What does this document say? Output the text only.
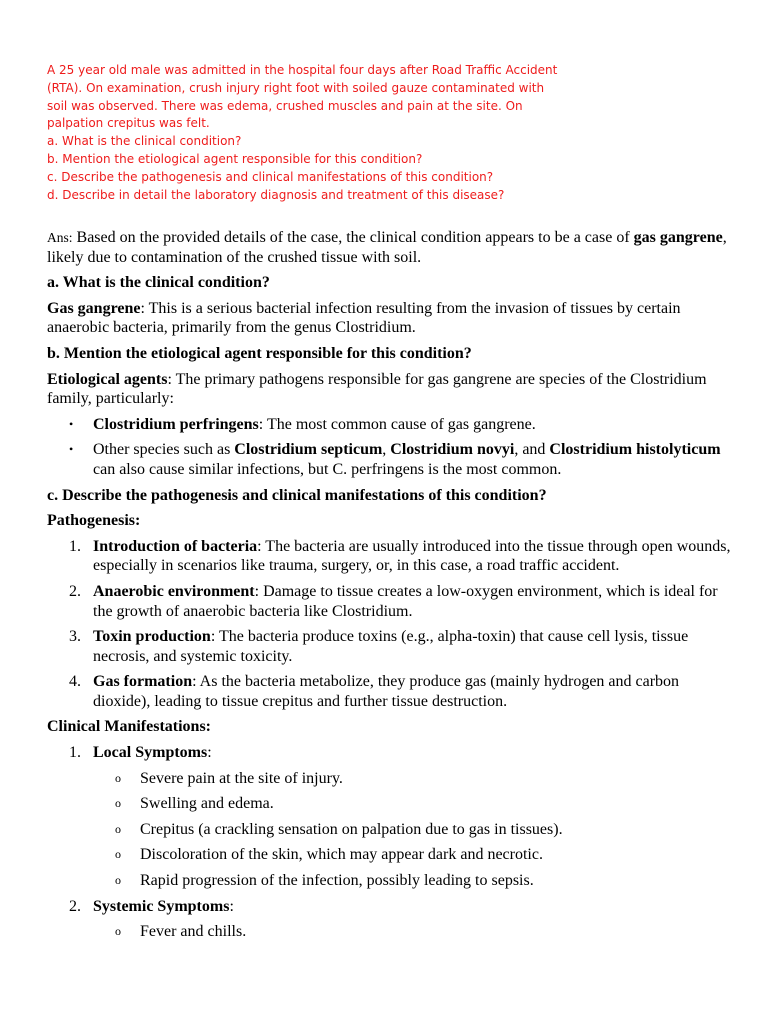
A 25 year old male was admitted in the hospital four days after Road Traffic Accident

(RTA). On examination, crush injury right foot with soiled gauze contaminated with

soil was observed. There was edema, crushed muscles and pain at the site. On

palpation crepitus was felt.

a. What is the clinical condition?

b. Mention the etiological agent responsible for this condition?

c. Describe the pathogenesis and clinical manifestations of this condition?

d. Describe in detail the laboratory diagnosis and treatment of this disease?

Ans: Based on the provided details of the case, the clinical condition appears to be a case of gas gangrene, likely due to contamination of the crushed tissue with soil.

a. What is the clinical condition?

Gas gangrene: This is a serious bacterial infection resulting from the invasion of tissues by certain anaerobic bacteria, primarily from the genus Clostridium.

b. Mention the etiological agent responsible for this condition?

Etiological agents: The primary pathogens responsible for gas gangrene are species of the Clostridium family, particularly:

• Clostridium perfringens: The most common cause of gas gangrene.
• Other species such as Clostridium septicum, Clostridium novyi, and Clostridium histolyticum can also cause similar infections, but C. perfringens is the most common.

c. Describe the pathogenesis and clinical manifestations of this condition?

Pathogenesis:

1. Introduction of bacteria: The bacteria are usually introduced into the tissue through open wounds, especially in scenarios like trauma, surgery, or, in this case, a road traffic accident.
2. Anaerobic environment: Damage to tissue creates a low-oxygen environment, which is ideal for the growth of anaerobic bacteria like Clostridium.
3. Toxin production: The bacteria produce toxins (e.g., alpha-toxin) that cause cell lysis, tissue necrosis, and systemic toxicity.
4. Gas formation: As the bacteria metabolize, they produce gas (mainly hydrogen and carbon dioxide), leading to tissue crepitus and further tissue destruction.

Clinical Manifestations:

1. Local Symptoms:
o Severe pain at the site of injury.
o Swelling and edema.
o Crepitus (a crackling sensation on palpation due to gas in tissues).
o Discoloration of the skin, which may appear dark and necrotic.
o Rapid progression of the infection, possibly leading to sepsis.
2. Systemic Symptoms:
o Fever and chills.
